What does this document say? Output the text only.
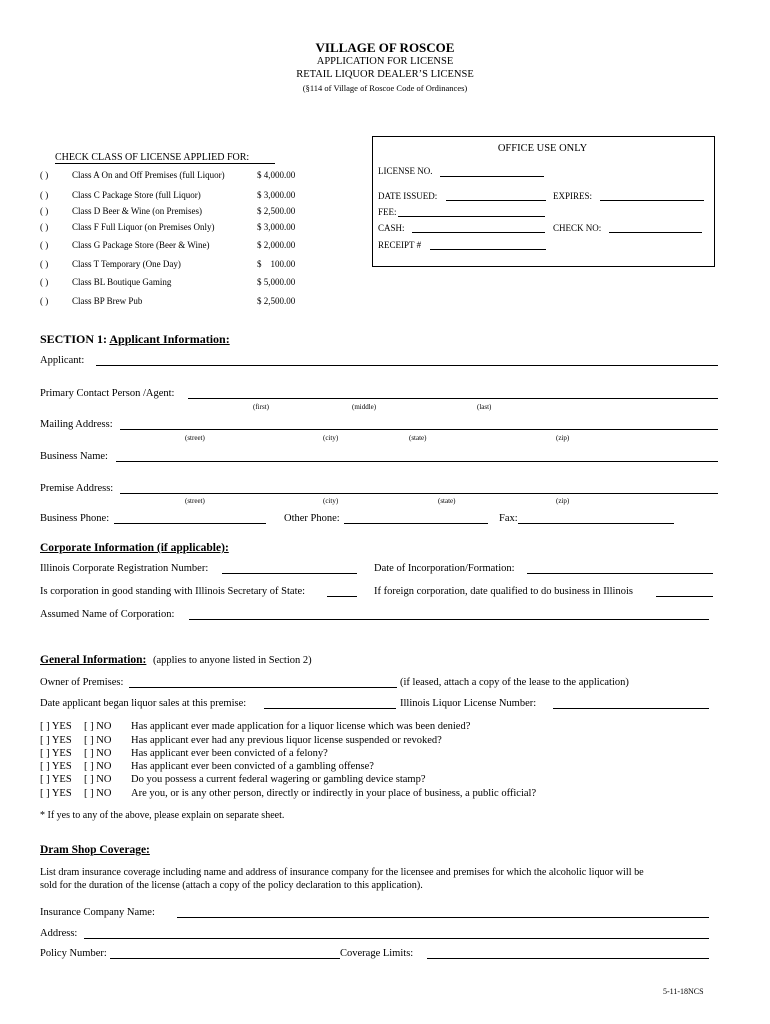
VILLAGE OF ROSCOE
APPLICATION FOR LICENSE
RETAIL LIQUOR DEALER’S LICENSE
(§114 of Village of Roscoe Code of Ordinances)
CHECK CLASS OF LICENSE APPLIED FOR:
( )	Class A On and Off Premises (full Liquor)	$ 4,000.00
( )	Class C Package Store (full Liquor)	$ 3,000.00
( )	Class D Beer & Wine (on Premises)	$ 2,500.00
( )	Class F Full Liquor (on Premises Only)	$ 3,000.00
( )	Class G Package Store (Beer & Wine)	$ 2,000.00
( )	Class T Temporary (One Day)	$    100.00
( )	Class BL Boutique Gaming	$ 5,000.00
( )	Class BP Brew Pub	$ 2,500.00
OFFICE USE ONLY
LICENSE NO.
DATE ISSUED:	EXPIRES:
FEE:
CASH:	CHECK NO:
RECEIPT #
SECTION 1: Applicant Information:
Applicant:
Primary Contact Person /Agent:
(first)	(middle)	(last)
Mailing Address:
(street)	(city)	(state)	(zip)
Business Name:
Premise Address:
(street)	(city)	(state)	(zip)
Business Phone:	Other Phone:	Fax:
Corporate Information (if applicable):
Illinois Corporate Registration Number:	Date of Incorporation/Formation:
Is corporation in good standing with Illinois Secretary of State:	If foreign corporation, date qualified to do business in Illinois
Assumed Name of Corporation:
General Information: (applies to anyone listed in Section 2)
Owner of Premises:	(if leased, attach a copy of the lease to the application)
Date applicant began liquor sales at this premise:	Illinois Liquor License Number:
[ ] YES [ ] NO Has applicant ever made application for a liquor license which was been denied?
[ ] YES [ ] NO Has applicant ever had any previous liquor license suspended or revoked?
[ ] YES [ ] NO Has applicant ever been convicted of a felony?
[ ] YES [ ] NO Has applicant ever been convicted of a gambling offense?
[ ] YES [ ] NO Do you possess a current federal wagering or gambling device stamp?
[ ] YES [ ] NO Are you, or is any other person, directly or indirectly in your place of business, a public official?
* If yes to any of the above, please explain on separate sheet.
Dram Shop Coverage:
List dram insurance coverage including name and address of insurance company for the licensee and premises for which the alcoholic liquor will be
sold for the duration of the license (attach a copy of the policy declaration to this application).
Insurance Company Name:
Address:
Policy Number:	Coverage Limits:
5-11-18NCS
